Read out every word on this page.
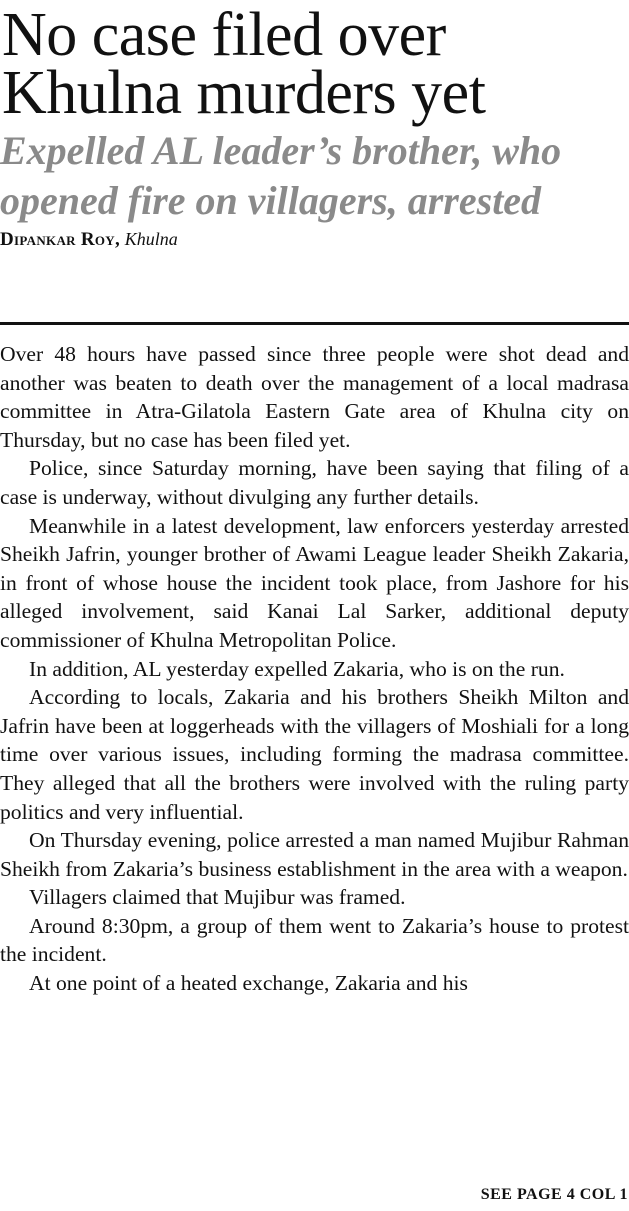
No case filed over
Khulna murders yet
Expelled AL leader’s brother, who
opened fire on villagers, arrested
Dipankar Roy, Khulna

Over 48 hours have passed since three people were shot dead and another was beaten to death over the management of a local madrasa committee in Atra-Gilatola Eastern Gate area of Khulna city on Thursday, but no case has been filed yet.

Police, since Saturday morning, have been saying that filing of a case is underway, without divulging any further details.

Meanwhile in a latest development, law enforcers yesterday arrested Sheikh Jafrin, younger brother of Awami League leader Sheikh Zakaria, in front of whose house the incident took place, from Jashore for his alleged involvement, said Kanai Lal Sarker, additional deputy commissioner of Khulna Metropolitan Police.

In addition, AL yesterday expelled Zakaria, who is on the run.

According to locals, Zakaria and his brothers Sheikh Milton and Jafrin have been at loggerheads with the villagers of Moshiali for a long time over various issues, including forming the madrasa committee. They alleged that all the brothers were involved with the ruling party politics and very influential.

On Thursday evening, police arrested a man named Mujibur Rahman Sheikh from Zakaria’s business establishment in the area with a weapon.

Villagers claimed that Mujibur was framed.

Around 8:30pm, a group of them went to Zakaria’s house to protest the incident.

At one point of a heated exchange, Zakaria and his

SEE PAGE 4 COL 1
